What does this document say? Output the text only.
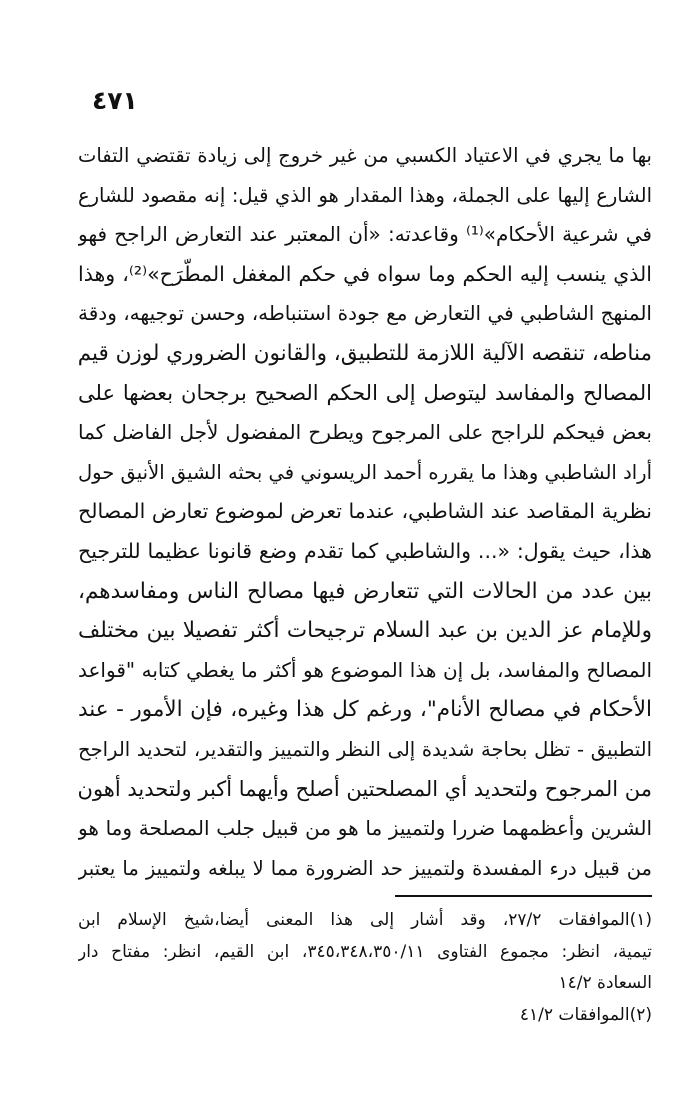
٤٧١
بها ما يجري في الاعتياد الكسبي من غير خروج إلى زيادة تقتضي التفات
الشارع إليها على الجملة، وهذا المقدار هو الذي قيل: إنه مقصود للشارع
في شرعية الأحكام»⁽¹⁾ وقاعدته: «أن المعتبر عند التعارض الراجح فهو
الذي ينسب إليه الحكم وما سواه في حكم المغفل المطّرَح»⁽²⁾، وهذا
المنهج الشاطبي في التعارض مع جودة استنباطه، وحسن توجيهه، ودقة
مناطه، تنقصه الآلية اللازمة للتطبيق، والقانون الضروري لوزن قيم
المصالح والمفاسد ليتوصل إلى الحكم الصحيح برجحان بعضها على
بعض فيحكم للراجح على المرجوح ويطرح المفضول لأجل الفاضل كما
أراد الشاطبي وهذا ما يقرره أحمد الريسوني في بحثه الشيق الأنيق حول
نظرية المقاصد عند الشاطبي، عندما تعرض لموضوع تعارض المصالح
هذا، حيث يقول: «... والشاطبي كما تقدم وضع قانونا عظيما للترجيح
بين عدد من الحالات التي تتعارض فيها مصالح الناس ومفاسدهم،
وللإمام عز الدين بن عبد السلام ترجيحات أكثر تفصيلا بين مختلف
المصالح والمفاسد، بل إن هذا الموضوع هو أكثر ما يغطي كتابه "قواعد
الأحكام في مصالح الأنام"، ورغم كل هذا وغيره، فإن الأمور - عند
التطبيق - تظل بحاجة شديدة إلى النظر والتمييز والتقدير، لتحديد الراجح
من المرجوح ولتحديد أي المصلحتين أصلح وأيهما أكبر ولتحديد أهون
الشرين وأعظمهما ضررا ولتمييز ما هو من قبيل جلب المصلحة وما هو
من قبيل درء المفسدة ولتمييز حد الضرورة مما لا يبلغه ولتمييز ما يعتبر
(١)الموافقات ٢٧/٢، وقد أشار إلى هذا المعنى أيضا،شيخ الإسلام ابن
تيمية، انظر: مجموع الفتاوى ٣٤٥،٣٤٨،٣٥٠/١١، ابن القيم، انظر: مفتاح دار
السعادة ١٤/٢
(٢)الموافقات ٤١/٢
